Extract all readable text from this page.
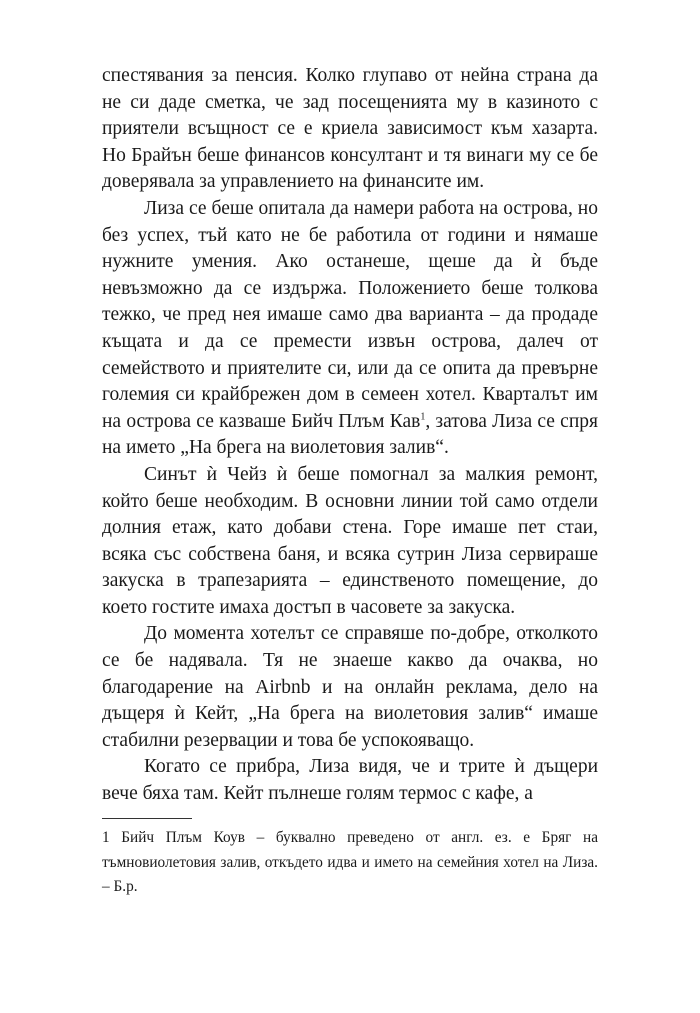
спестявания за пенсия. Колко глупаво от нейна страна да не си даде сметка, че зад посещенията му в казиното с приятели всъщност се е криела зависимост към хазарта. Но Брайън беше финансов консултант и тя винаги му се бе доверявала за управлението на финансите им.

Лиза се беше опитала да намери работа на острова, но без успех, тъй като не бе работила от години и нямаше нужните умения. Ако останеше, щеше да ѝ бъде невъзможно да се издържа. Положението беше толкова тежко, че пред нея имаше само два варианта – да продаде къщата и да се премести извън острова, далеч от семейството и приятелите си, или да се опита да превърне големия си крайбрежен дом в семеен хотел. Кварталът им на острова се казваше Бийч Плъм Кав$^1$, затова Лиза се спря на името „На брега на виолетовия залив“.

Синът ѝ Чейз ѝ беше помогнал за малкия ремонт, който беше необходим. В основни линии той само отдели долния етаж, като добави стена. Горе имаше пет стаи, всяка със собствена баня, и всяка сутрин Лиза сервираше закуска в трапезарията – единственото помещение, до което гостите имаха достъп в часовете за закуска.

До момента хотелът се справяше по-добре, отколкото се бе надявала. Тя не знаеше какво да очаква, но благодарение на Airbnb и на онлайн реклама, дело на дъщеря ѝ Кейт, „На брега на виолетовия залив“ имаше стабилни резервации и това бе успокояващо.

Когато се прибра, Лиза видя, че и трите ѝ дъщери вече бяха там. Кейт пълнеше голям термос с кафе, а

1 Бийч Плъм Коув – буквално преведено от англ. ез. е Бряг на тъмновиолетовия залив, откъдето идва и името на семейния хотел на Лиза. – Б.р.
